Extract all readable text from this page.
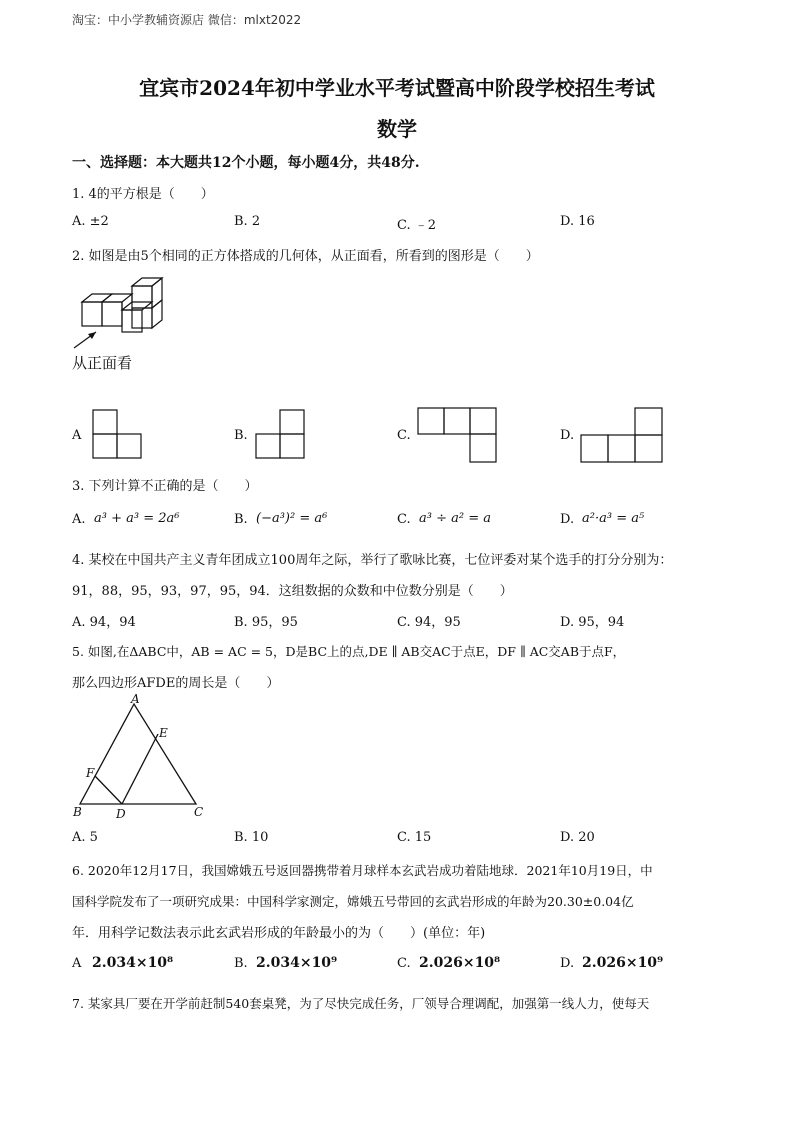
淘宝：中小学教辅资源店 微信：mlxt2022
宜宾市2024年初中学业水平考试暨高中阶段学校招生考试
数学
一、选择题：本大题共12个小题，每小题4分，共48分.
1. 4的平方根是（　　）
A. ±2	B. 2	C. ﹣2	D. 16
2. 如图是由5个相同的正方体搭成的几何体，从正面看，所看到的图形是（　　）
从正面看
A	B.	C.	D.
3. 下列计算不正确的是（　　）
A. a³ + a³ = 2a⁶	B. (−a³)² = a⁶	C. a³ ÷ a² = a	D. a²·a³ = a⁵
4. 某校在中国共产主义青年团成立100周年之际，举行了歌咏比赛，七位评委对某个选手的打分分别为：
91，88，95，93，97，95，94．这组数据的众数和中位数分别是（　　）
A. 94，94	B. 95，95	C. 94，95	D. 95，94
5. 如图,在ΔABC中，AB = AC = 5，D是BC上的点,DE ∥ AB交AC于点E，DF ∥ AC交AB于点F，
那么四边形AFDE的周长是（　　）
A
E
F
B	D	C
A. 5	B. 10	C. 15	D. 20
6. 2020年12月17日，我国嫦娥五号返回器携带着月球样本玄武岩成功着陆地球．2021年10月19日，中
国科学院发布了一项研究成果：中国科学家测定，嫦娥五号带回的玄武岩形成的年龄为20.30±0.04亿
年．用科学记数法表示此玄武岩形成的年龄最小的为（　　）(单位：年)
A 2.034×10⁸	B. 2.034×10⁹	C. 2.026×10⁸	D. 2.026×10⁹
7. 某家具厂要在开学前赶制540套桌凳，为了尽快完成任务，厂领导合理调配，加强第一线人力，使每天
